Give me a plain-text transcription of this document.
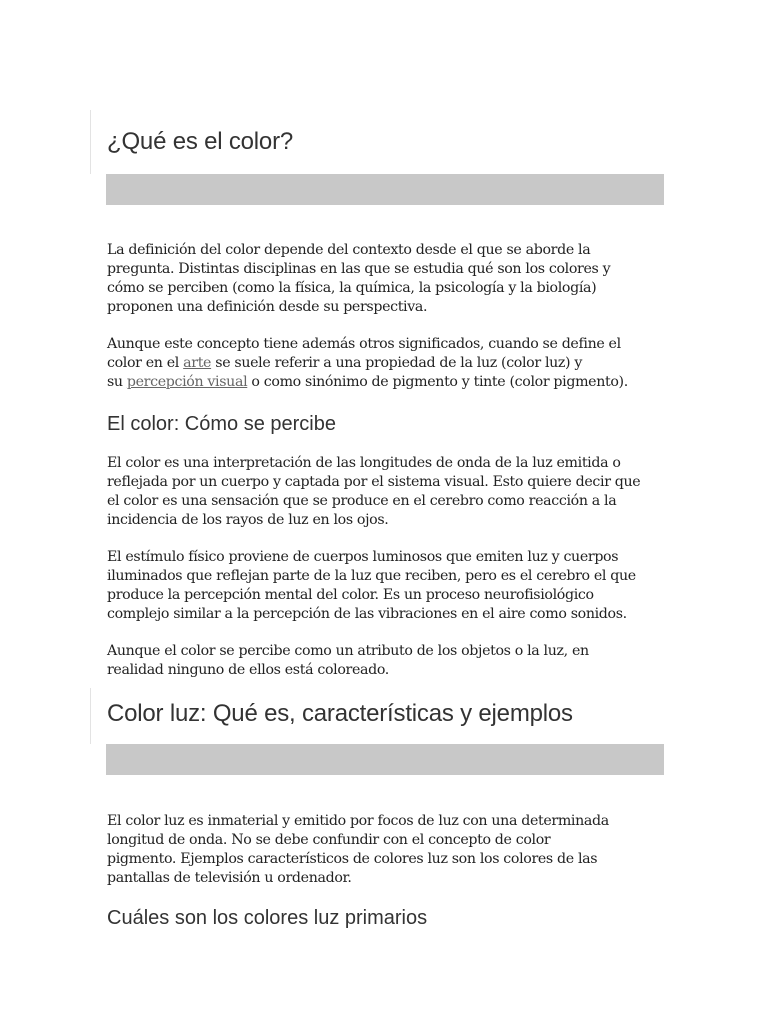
¿Qué es el color?
La definición del color depende del contexto desde el que se aborde la
pregunta. Distintas disciplinas en las que se estudia qué son los colores y
cómo se perciben (como la física, la química, la psicología y la biología)
proponen una definición desde su perspectiva.
Aunque este concepto tiene además otros significados, cuando se define el
color en el arte se suele referir a una propiedad de la luz (color luz) y
su percepción visual o como sinónimo de pigmento y tinte (color pigmento).
El color: Cómo se percibe
El color es una interpretación de las longitudes de onda de la luz emitida o
reflejada por un cuerpo y captada por el sistema visual. Esto quiere decir que
el color es una sensación que se produce en el cerebro como reacción a la
incidencia de los rayos de luz en los ojos.
El estímulo físico proviene de cuerpos luminosos que emiten luz y cuerpos
iluminados que reflejan parte de la luz que reciben, pero es el cerebro el que
produce la percepción mental del color. Es un proceso neurofisiológico
complejo similar a la percepción de las vibraciones en el aire como sonidos.
Aunque el color se percibe como un atributo de los objetos o la luz, en
realidad ninguno de ellos está coloreado.
Color luz: Qué es, características y ejemplos
El color luz es inmaterial y emitido por focos de luz con una determinada
longitud de onda. No se debe confundir con el concepto de color
pigmento. Ejemplos característicos de colores luz son los colores de las
pantallas de televisión u ordenador.
Cuáles son los colores luz primarios
